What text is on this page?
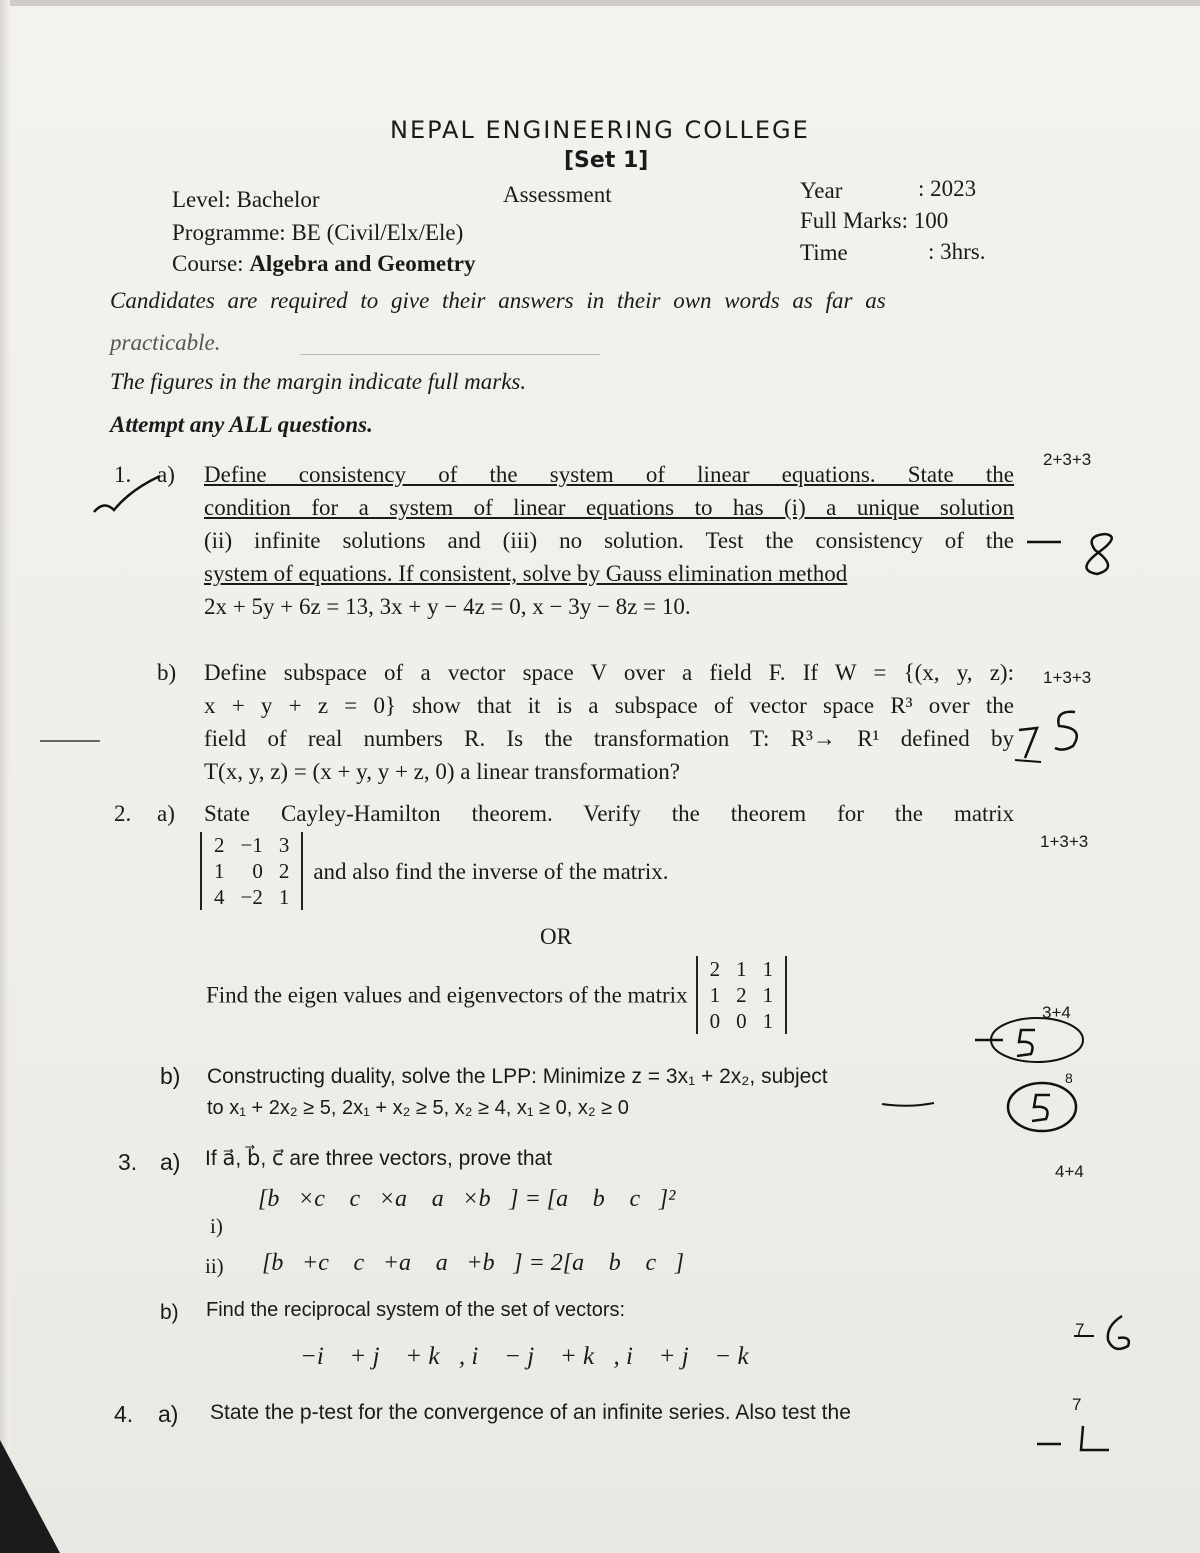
NEPAL ENGINEERING COLLEGE
[Set 1]
Level: Bachelor	Assessment
Programme: BE (Civil/Elx/Ele)
Course: Algebra and Geometry
Year	: 2023
Full Marks: 100
Time	: 3hrs.
Candidates are required to give their answers in their own words as far as
practicable.
The figures in the margin indicate full marks.
Attempt any ALL questions.
1. a) Define consistency of the system of linear equations. State the
condition for a system of linear equations to has (i) a unique solution
(ii) infinite solutions and (iii) no solution. Test the consistency of the
system of equations. If consistent, solve by Gauss elimination method
2x + 5y + 6z = 13, 3x + y − 4z = 0, x − 3y − 8z = 10.
2+3+3
b) Define subspace of a vector space V over a field F. If W = {(x, y, z):
x + y + z = 0} show that it is a subspace of vector space R³ over the
field of real numbers R. Is the transformation T: R³→ R¹ defined by
T(x, y, z) = (x + y, y + z, 0) a linear transformation?
1+3+3
2. a) State Cayley-Hamilton theorem. Verify the theorem for the matrix
2	−1	3
1	0	2
4	−2	1
and also find the inverse of the matrix.
1+3+3
OR
Find the eigen values and eigenvectors of the matrix
2	1	1
1	2	1
0	0	1	3+4
b) Constructing duality, solve the LPP: Minimize z = 3x₁ + 2x₂, subject
to x₁ + 2x₂ ≥ 5, 2x₁ + x₂ ≥ 5, x₂ ≥ 4, x₁ ≥ 0, x₂ ≥ 0
8
3. a) If a⃗, b⃗, c⃗ are three vectors, prove that
4+4
i)
[b⃗×c⃗ c⃗×a⃗ a⃗×b⃗] = [a⃗ b⃗ c⃗]²
ii) [b⃗+c⃗ c⃗+a⃗ a⃗+b⃗] = 2[a⃗ b⃗ c⃗]
b) Find the reciprocal system of the set of vectors:
−i⃗ + j⃗ + k⃗, i⃗ − j⃗ + k⃗, i⃗ + j⃗ − k⃗
7
4. a) State the p-test for the convergence of an infinite series. Also test the	7
